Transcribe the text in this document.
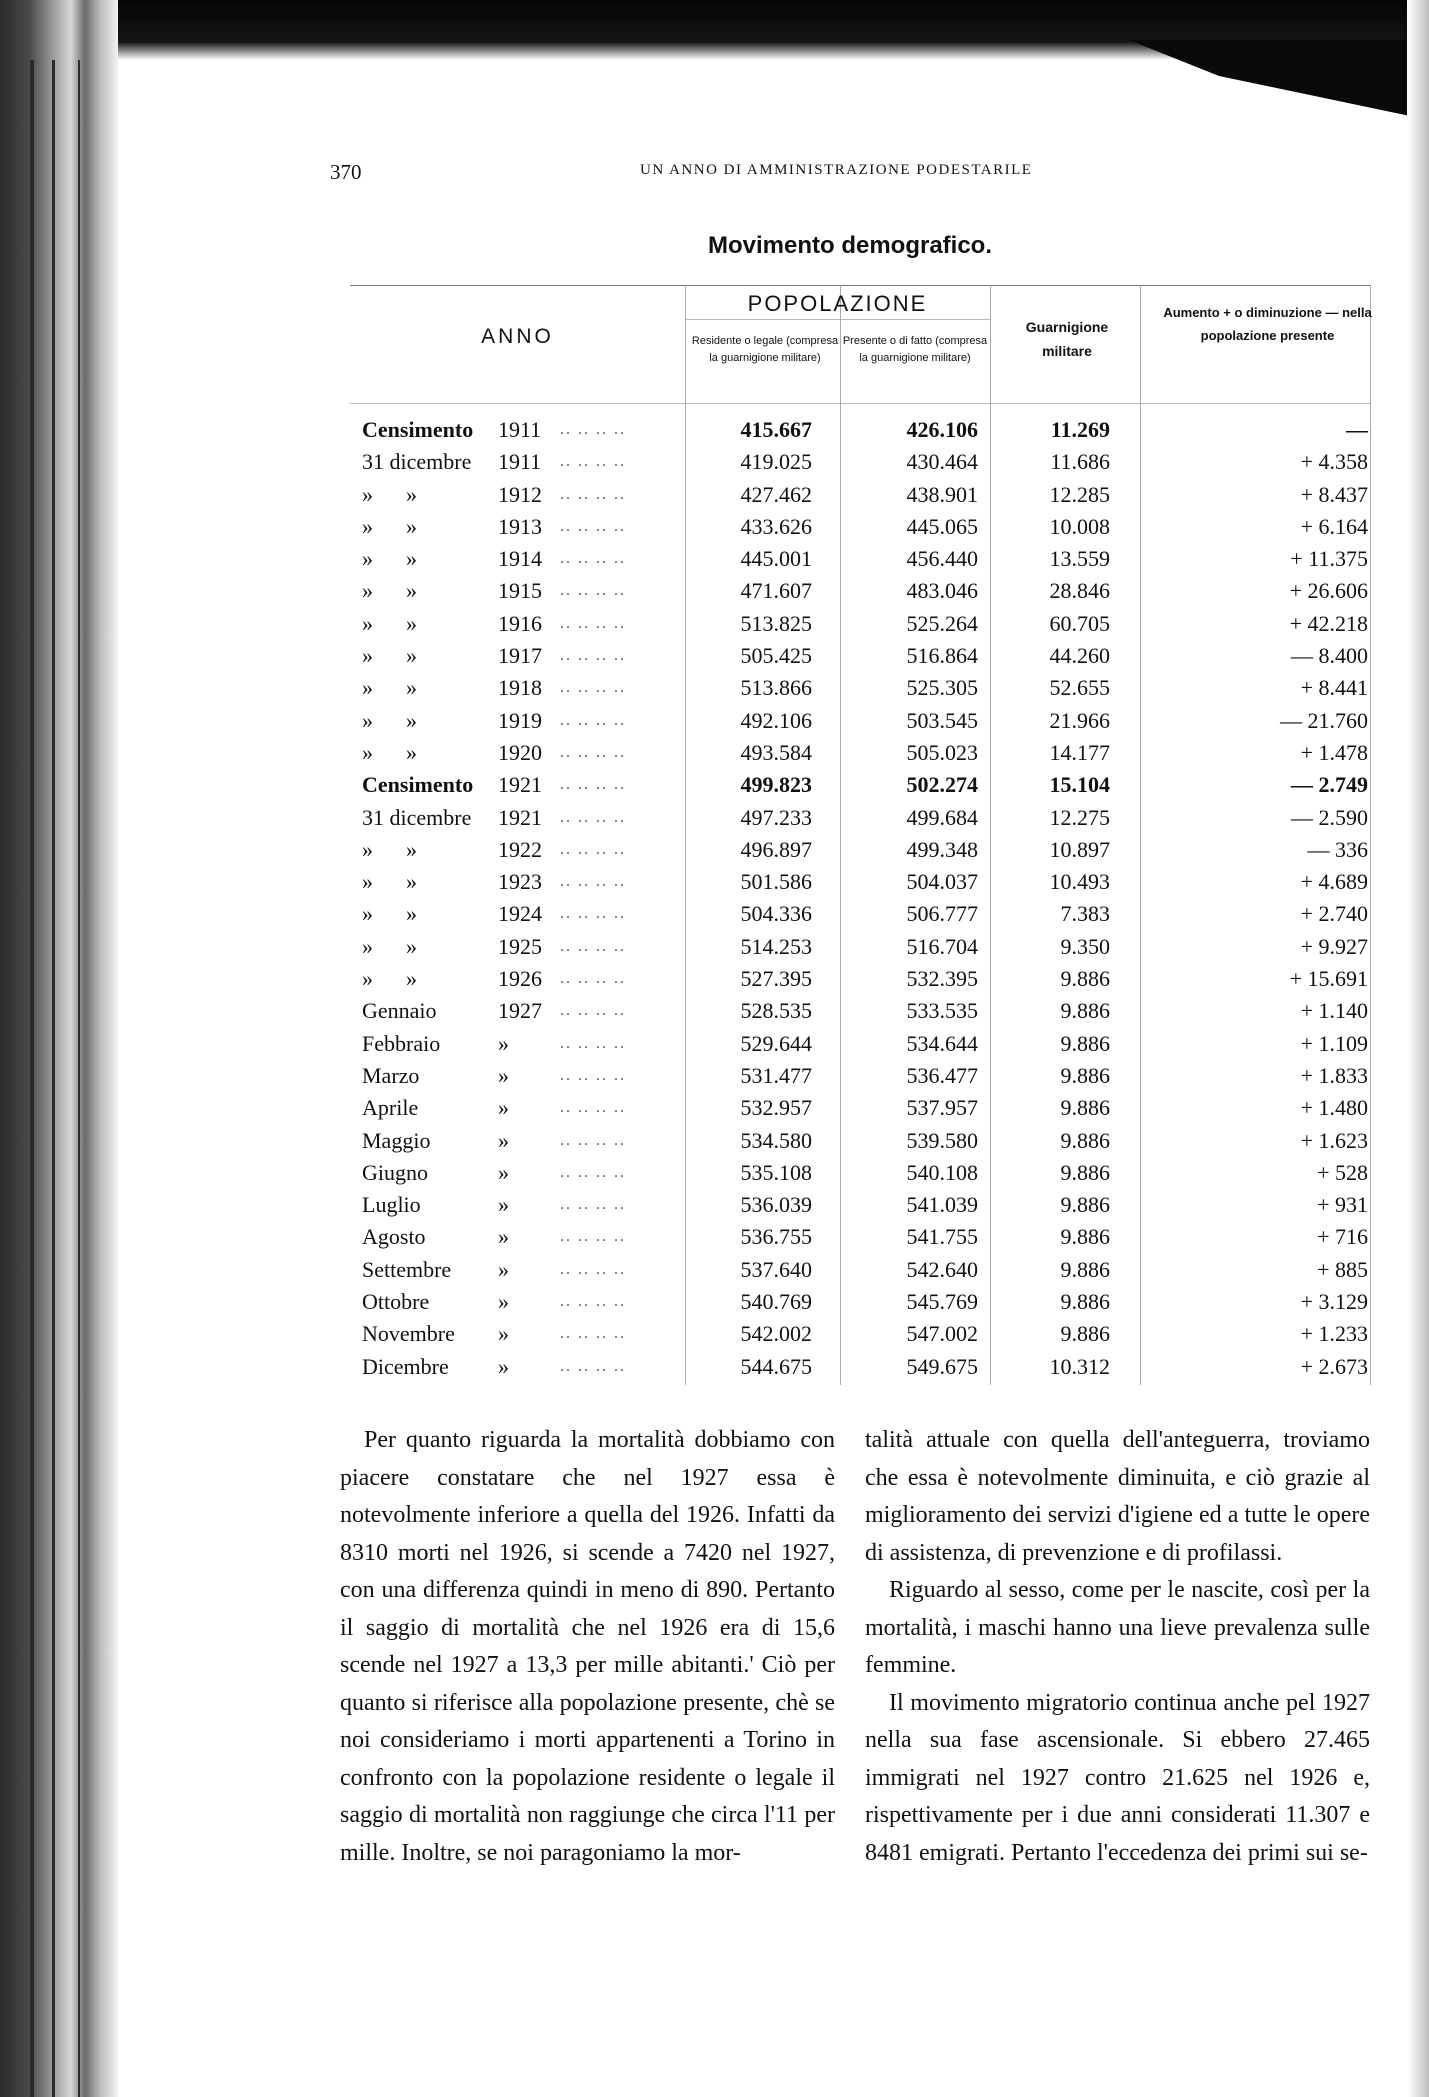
370	UN ANNO DI AMMINISTRAZIONE PODESTARILE
Movimento demografico.
ANNO
POPOLAZIONE
Residente o legale (compresa la guarnigione militare)
Presente o di fatto (compresa la guarnigione militare)
Guarnigione militare
Aumento + o diminuzione — nella popolazione presente
Censimento 1911 .. .. .. ..	415.667	426.106	11.269	—
31 dicembre 1911 .. .. .. ..	419.025	430.464	11.686	+ 4.358
»      »	1912 .. .. .. ..	427.462	438.901	12.285	+ 8.437
»      »	1913 .. .. .. ..	433.626	445.065	10.008	+ 6.164
»      »	1914 .. .. .. ..	445.001	456.440	13.559	+ 11.375
»      »	1915 .. .. .. ..	471.607	483.046	28.846	+ 26.606
»      »	1916 .. .. .. ..	513.825	525.264	60.705	+ 42.218
»      »	1917 .. .. .. ..	505.425	516.864	44.260	— 8.400
»      »	1918 .. .. .. ..	513.866	525.305	52.655	+ 8.441
»      »	1919 .. .. .. ..	492.106	503.545	21.966	— 21.760
»      »	1920 .. .. .. ..	493.584	505.023	14.177	+ 1.478
Censimento 1921 .. .. .. ..	499.823	502.274	15.104	— 2.749
31 dicembre 1921 .. .. .. ..	497.233	499.684	12.275	— 2.590
»      »	1922 .. .. .. ..	496.897	499.348	10.897	— 336
»      »	1923 .. .. .. ..	501.586	504.037	10.493	+ 4.689
»      »	1924 .. .. .. ..	504.336	506.777	7.383	+ 2.740
»      »	1925 .. .. .. ..	514.253	516.704	9.350	+ 9.927
»      »	1926 .. .. .. ..	527.395	532.395	9.886	+ 15.691
Gennaio	1927 .. .. .. ..	528.535	533.535	9.886	+ 1.140
Febbraio	»	.. .. .. ..	529.644	534.644	9.886	+ 1.109
Marzo	»	.. .. .. ..	531.477	536.477	9.886	+ 1.833
Aprile	»	.. .. .. ..	532.957	537.957	9.886	+ 1.480
Maggio	»	.. .. .. ..	534.580	539.580	9.886	+ 1.623
Giugno	»	.. .. .. ..	535.108	540.108	9.886	+ 528
Luglio	»	.. .. .. ..	536.039	541.039	9.886	+ 931
Agosto	»	.. .. .. ..	536.755	541.755	9.886	+ 716
Settembre »	.. .. .. ..	537.640	542.640	9.886	+ 885
Ottobre	»	.. .. .. ..	540.769	545.769	9.886	+ 3.129
Novembre »	.. .. .. ..	542.002	547.002	9.886	+ 1.233
Dicembre »	.. .. .. ..	544.675	549.675	10.312	+ 2.673

Per quanto riguarda la mortalità dobbiamo con piacere constatare che nel 1927 essa è notevolmente inferiore a quella del 1926. Infatti da 8310 morti nel 1926, si scende a 7420 nel 1927, con una differenza quindi in meno di 890. Pertanto il saggio di mortalità che nel 1926 era di 15,6 scende nel 1927 a 13,3 per mille abitanti.' Ciò per quanto si riferisce alla popolazione presente, chè se noi consideriamo i morti appartenenti a Torino in confronto con la popolazione residente o legale il saggio di mortalità non raggiunge che circa l'11 per mille. Inoltre, se noi paragoniamo la mor-

talità attuale con quella dell'anteguerra, troviamo che essa è notevolmente diminuita, e ciò grazie al miglioramento dei servizi d'igiene ed a tutte le opere di assistenza, di prevenzione e di profilassi.

Riguardo al sesso, come per le nascite, così per la mortalità, i maschi hanno una lieve prevalenza sulle femmine.

Il movimento migratorio continua anche pel 1927 nella sua fase ascensionale. Si ebbero 27.465 immigrati nel 1927 contro 21.625 nel 1926 e, rispettivamente per i due anni considerati 11.307 e 8481 emigrati. Pertanto l'eccedenza dei primi sui se-
